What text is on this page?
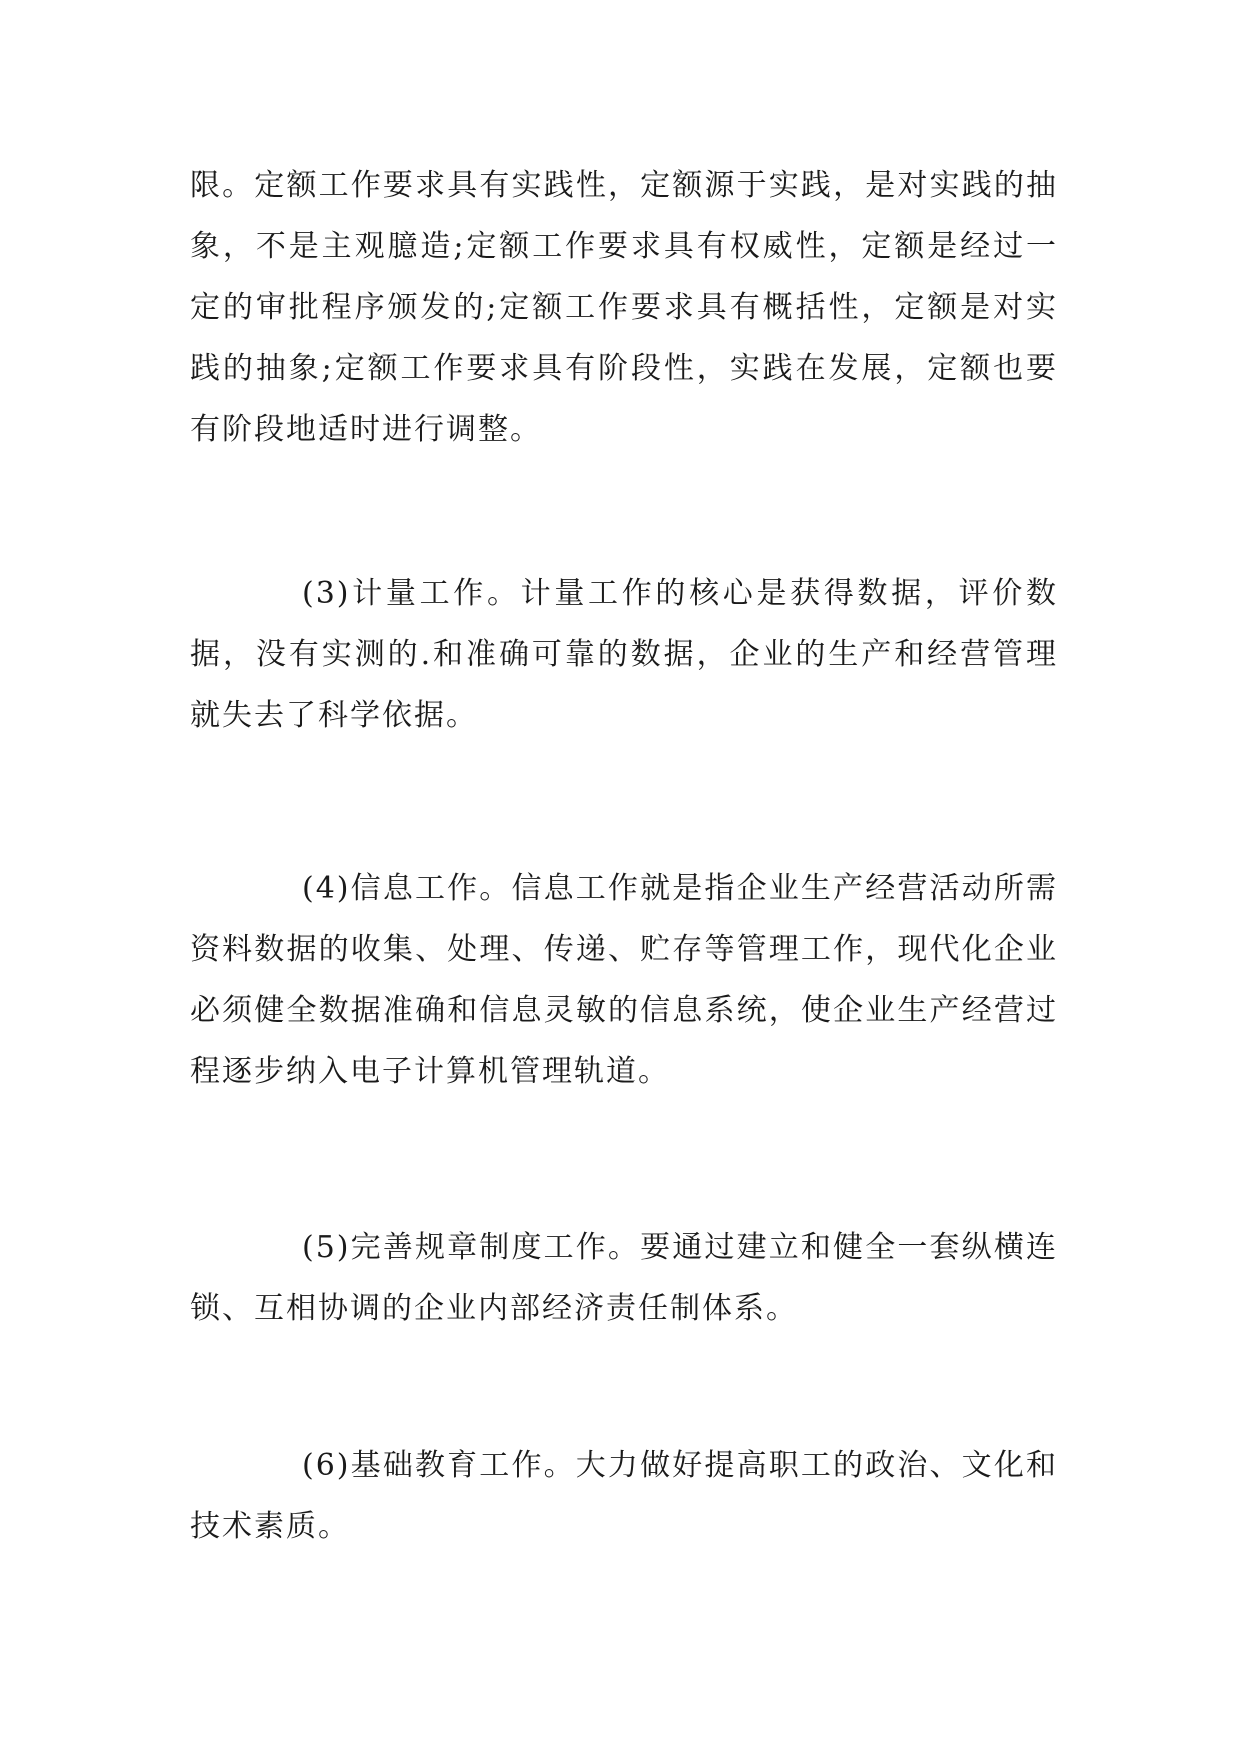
限。定额工作要求具有实践性，定额源于实践，是对实践的抽象，不是主观臆造;定额工作要求具有权威性，定额是经过一定的审批程序颁发的;定额工作要求具有概括性，定额是对实践的抽象;定额工作要求具有阶段性，实践在发展，定额也要有阶段地适时进行调整。

(3)计量工作。计量工作的核心是获得数据，评价数据，没有实测的.和准确可靠的数据，企业的生产和经营管理就失去了科学依据。

(4)信息工作。信息工作就是指企业生产经营活动所需资料数据的收集、处理、传递、贮存等管理工作，现代化企业必须健全数据准确和信息灵敏的信息系统，使企业生产经营过程逐步纳入电子计算机管理轨道。

(5)完善规章制度工作。要通过建立和健全一套纵横连锁、互相协调的企业内部经济责任制体系。

(6)基础教育工作。大力做好提高职工的政治、文化和技术素质。
